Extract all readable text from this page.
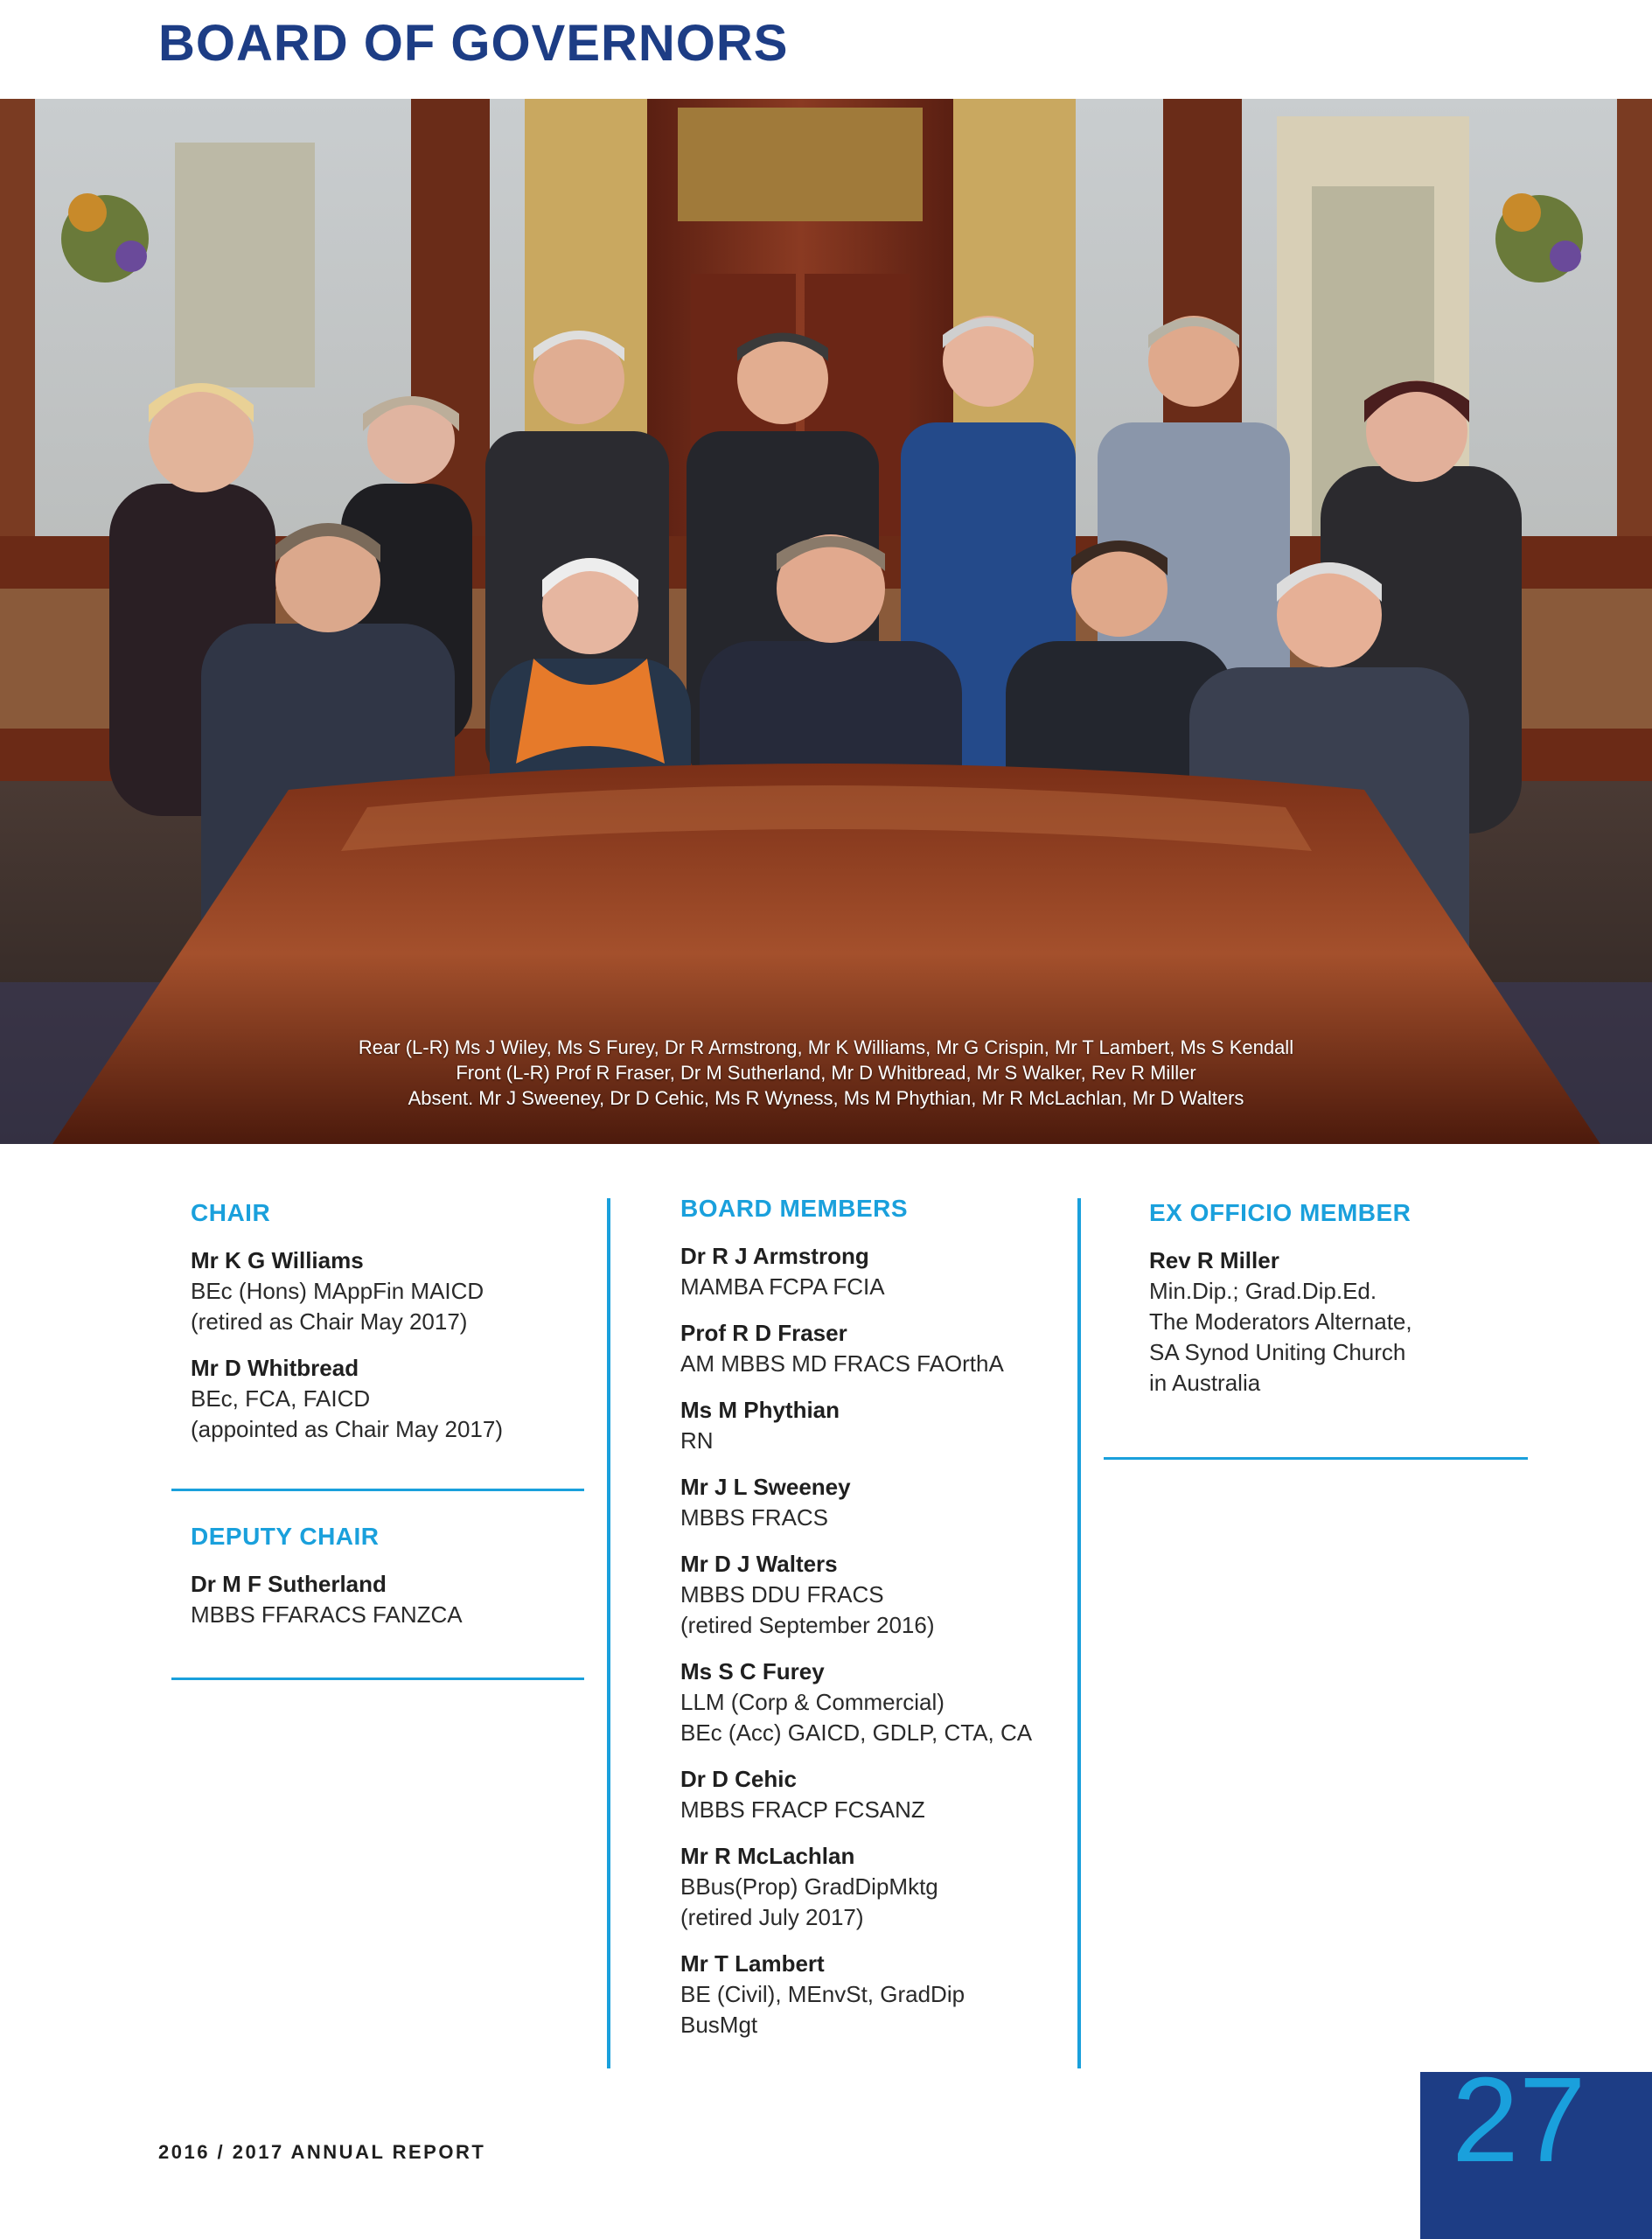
BOARD OF GOVERNORS
Rear (L-R) Ms J Wiley, Ms S Furey, Dr R Armstrong, Mr K Williams, Mr G Crispin, Mr T Lambert, Ms S Kendall
Front (L-R) Prof R Fraser, Dr M Sutherland, Mr D Whitbread, Mr S Walker, Rev R Miller
Absent. Mr J Sweeney, Dr D Cehic, Ms R Wyness, Ms M Phythian, Mr R McLachlan, Mr D Walters
CHAIR
Mr K G Williams
BEc (Hons) MAppFin MAICD
(retired as Chair May 2017)
Mr D Whitbread
BEc, FCA, FAICD
(appointed as Chair May 2017)
DEPUTY CHAIR
Dr M F Sutherland
MBBS FFARACS FANZCA
BOARD MEMBERS
Dr R J Armstrong
MAMBA FCPA FCIA
Prof R D Fraser
AM MBBS MD FRACS FAOrthA
Ms M Phythian
RN
Mr J L Sweeney
MBBS FRACS
Mr D J Walters
MBBS DDU FRACS
(retired September 2016)
Ms S C Furey
LLM (Corp & Commercial)
BEc (Acc) GAICD, GDLP, CTA, CA
Dr D Cehic
MBBS FRACP FCSANZ
Mr R McLachlan
BBus(Prop) GradDipMktg
(retired July 2017)
Mr T Lambert
BE (Civil), MEnvSt, GradDip
BusMgt
EX OFFICIO MEMBER
Rev R Miller
Min.Dip.; Grad.Dip.Ed.
The Moderators Alternate,
SA Synod Uniting Church
in Australia
2016 / 2017 ANNUAL REPORT	27
